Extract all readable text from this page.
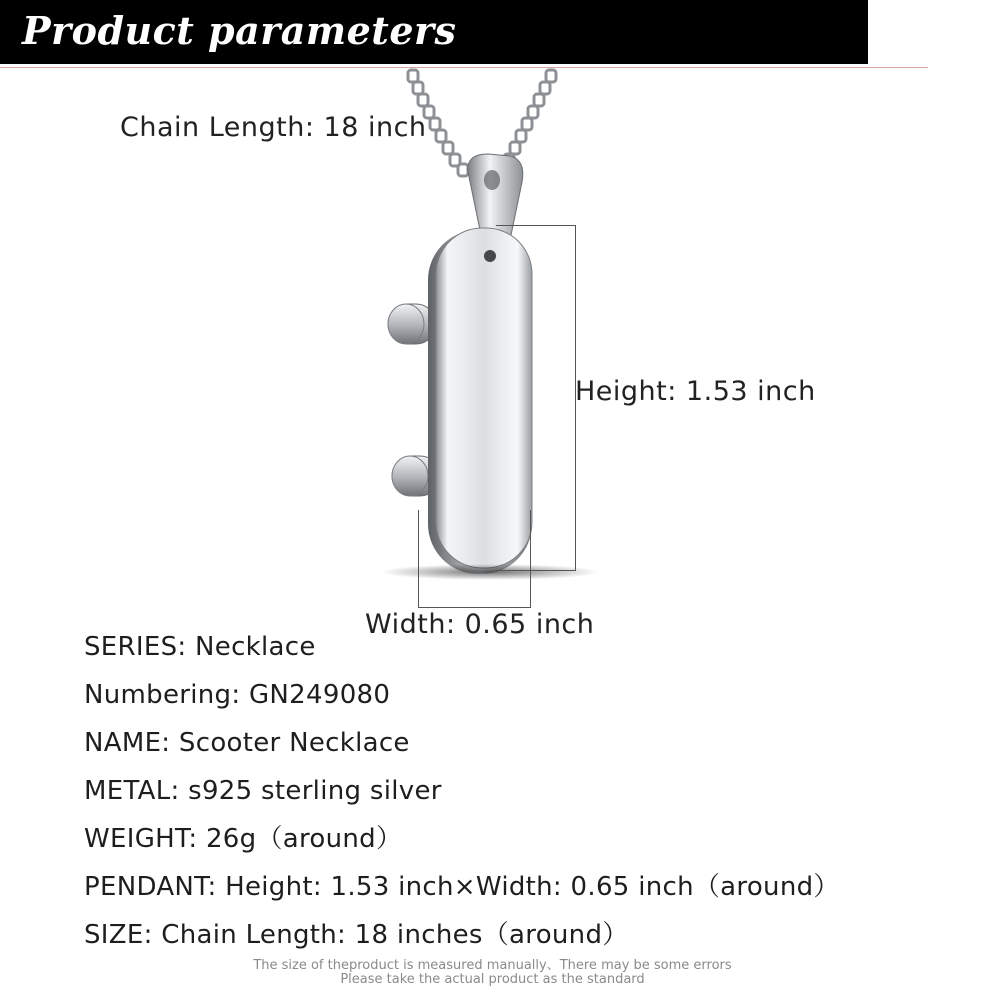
Product parameters
Chain Length: 18 inch
Height: 1.53 inch
Width: 0.65 inch
SERIES: Necklace
Numbering: GN249080
NAME: Scooter Necklace
METAL: s925 sterling silver
WEIGHT: 26g（around）
PENDANT: Height: 1.53 inch×Width: 0.65 inch（around）
SIZE: Chain Length: 18 inches（around）
The size of theproduct is measured manually、There may be some errors
Please take the actual product as the standard
